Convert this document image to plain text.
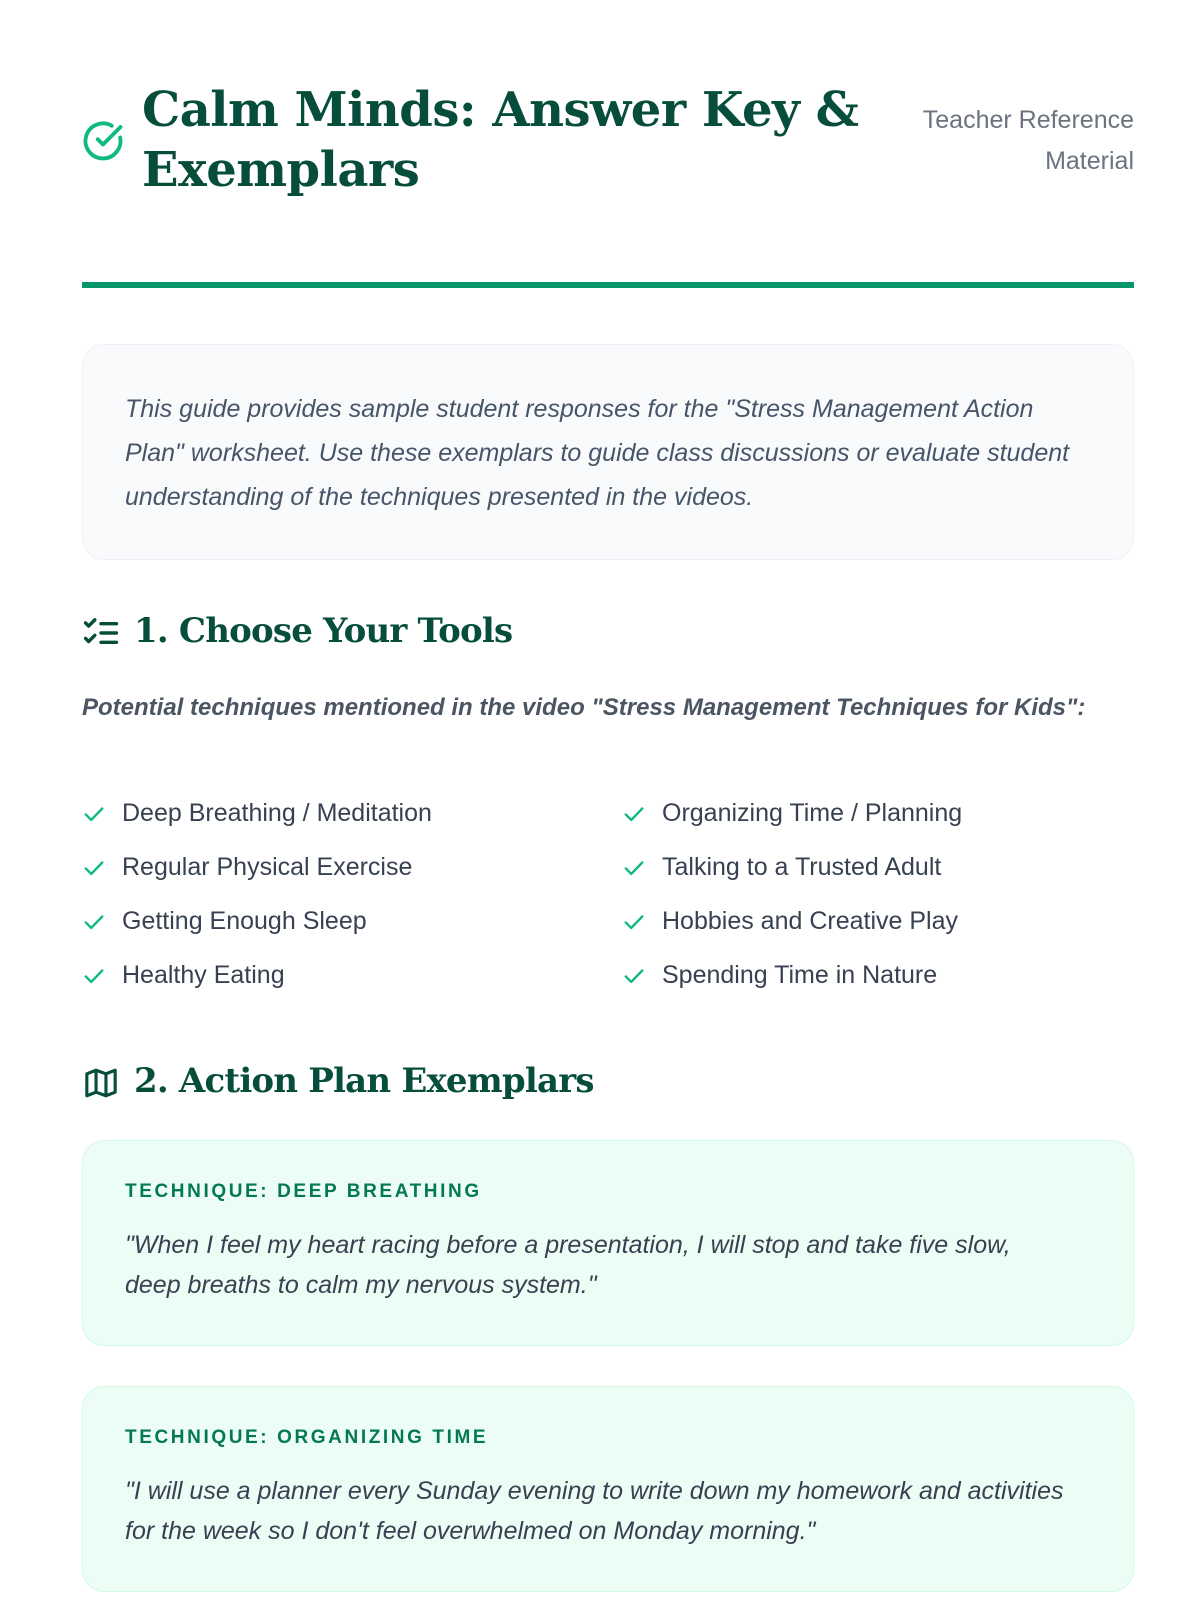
Calm Minds: Answer Key & Exemplars
Teacher Reference Material
This guide provides sample student responses for the "Stress Management Action Plan" worksheet. Use these exemplars to guide class discussions or evaluate student understanding of the techniques presented in the videos.
1. Choose Your Tools

Potential techniques mentioned in the video "Stress Management Techniques for Kids":

Deep Breathing / Meditation	Organizing Time / Planning
Regular Physical Exercise	Talking to a Trusted Adult
Getting Enough Sleep	Hobbies and Creative Play
Healthy Eating	Spending Time in Nature
2. Action Plan Exemplars
TECHNIQUE: DEEP BREATHING

"When I feel my heart racing before a presentation, I will stop and take five slow, deep breaths to calm my nervous system."

TECHNIQUE: ORGANIZING TIME

"I will use a planner every Sunday evening to write down my homework and activities for the week so I don't feel overwhelmed on Monday morning."
